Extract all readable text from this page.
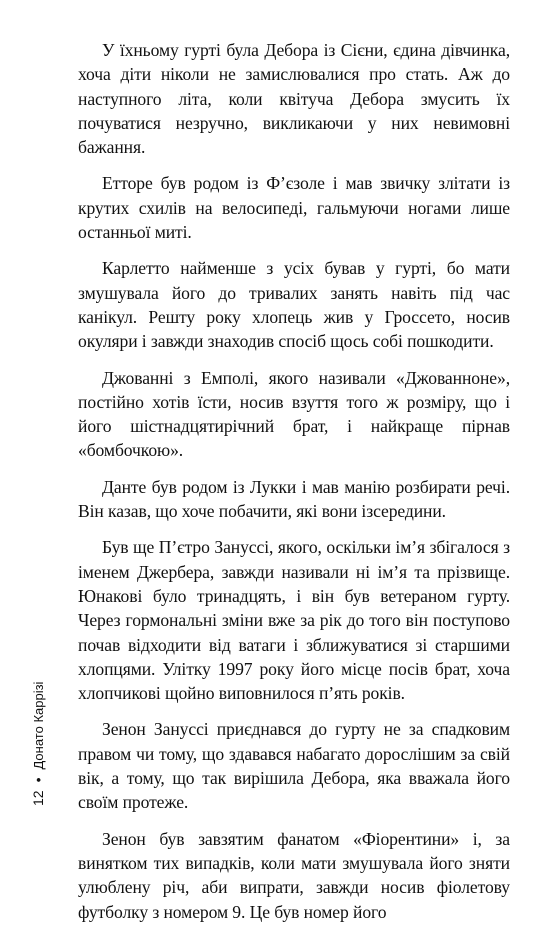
У їхньому гурті була Дебора із Сієни, єдина дівчинка, хоча діти ніколи не замислювалися про стать. Аж до наступного літа, коли квітуча Дебора змусить їх почуватися незручно, викликаючи у них невимовні бажання.

Етторе був родом із Ф’єзоле і мав звичку злітати із крутих схилів на велосипеді, гальмуючи ногами лише останньої миті.

Карлетто найменше з усіх бував у гурті, бо мати змушувала його до тривалих занять навіть під час канікул. Решту року хлопець жив у Гроссето, носив окуляри і завжди знаходив спосіб щось собі пошкодити.

Джованні з Емполі, якого називали «Джованноне», постійно хотів їсти, носив взуття того ж розміру, що і його шістнадцятирічний брат, і найкраще пірнав «бомбочкою».

Данте був родом із Лукки і мав манію розбирати речі. Він казав, що хоче побачити, які вони ізсередини.

Був ще П’єтро Зануссі, якого, оскільки ім’я збігалося з іменем Джербера, завжди називали ні ім’я та прізвище. Юнакові було тринадцять, і він був ветераном гурту. Через гормональні зміни вже за рік до того він поступово почав відходити від ватаги і зближуватися зі старшими хлопцями. Улітку 1997 року його місце посів брат, хоча хлопчикові щойно виповнилося п’ять років.

Зенон Зануссі приєднався до гурту не за спадковим правом чи тому, що здавався набагато дорослішим за свій вік, а тому, що так вирішила Дебора, яка вважала його своїм протеже.

Зенон був завзятим фанатом «Фіорентини» і, за винятком тих випадків, коли мати змушувала його зняти улюблену річ, аби випрати, завжди носив фіолетову футболку з номером 9. Це був номер його

12
•
Донато Каррізі
